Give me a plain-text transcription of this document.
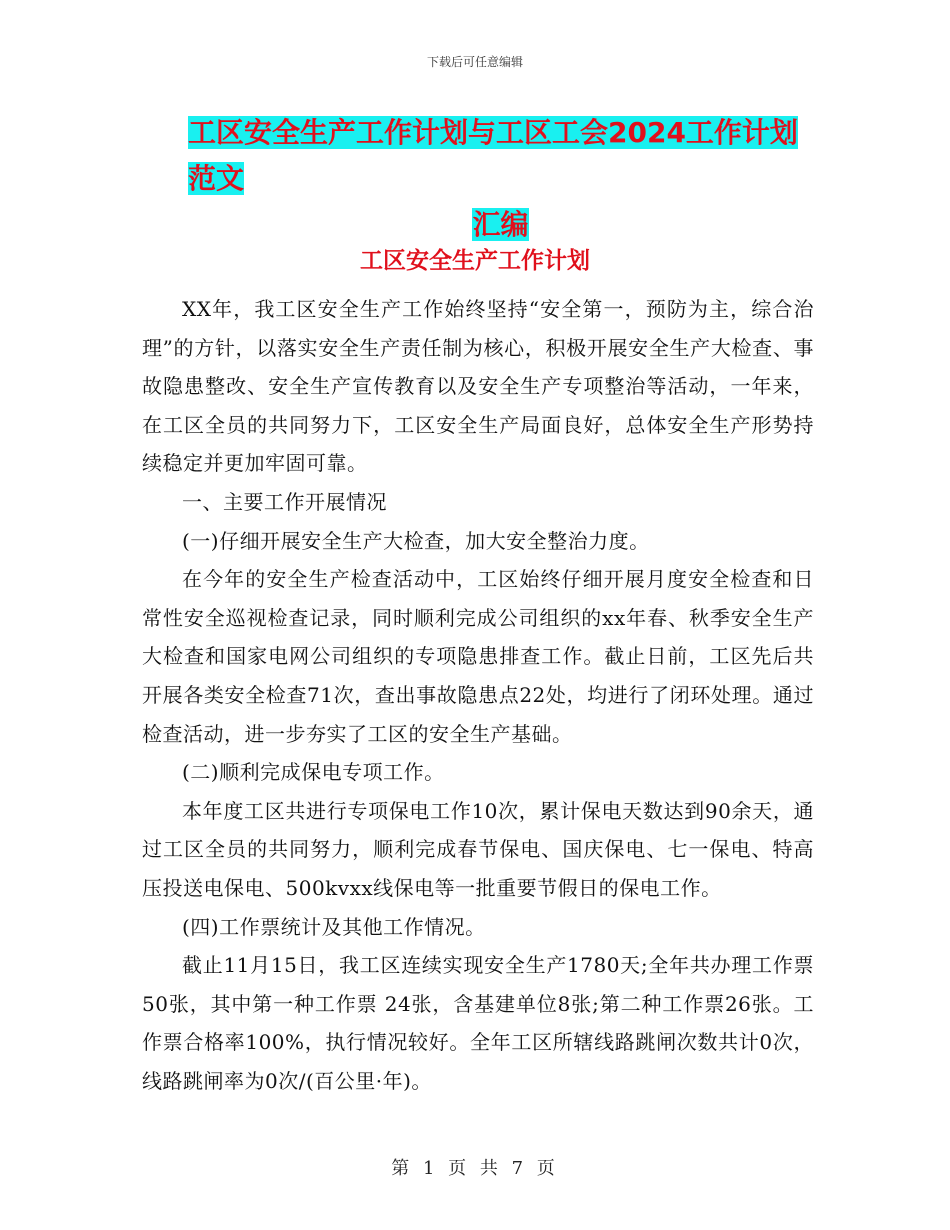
下载后可任意编辑
工区安全生产工作计划与工区工会2024工作计划范文
汇编
工区安全生产工作计划

XX年，我工区安全生产工作始终坚持“安全第一，预防为主，综合治理”的方针，以落实安全生产责任制为核心，积极开展安全生产大检查、事故隐患整改、安全生产宣传教育以及安全生产专项整治等活动，一年来，在工区全员的共同努力下，工区安全生产局面良好，总体安全生产形势持续稳定并更加牢固可靠。

一、主要工作开展情况

(一)仔细开展安全生产大检查，加大安全整治力度。

在今年的安全生产检查活动中，工区始终仔细开展月度安全检查和日常性安全巡视检查记录，同时顺利完成公司组织的xx年春、秋季安全生产大检查和国家电网公司组织的专项隐患排查工作。截止日前，工区先后共开展各类安全检查71次，查出事故隐患点22处，均进行了闭环处理。通过检查活动，进一步夯实了工区的安全生产基础。

(二)顺利完成保电专项工作。

本年度工区共进行专项保电工作10次，累计保电天数达到90余天，通过工区全员的共同努力，顺利完成春节保电、国庆保电、七一保电、特高压投送电保电、500kvxx线保电等一批重要节假日的保电工作。

(四)工作票统计及其他工作情况。

截止11月15日，我工区连续实现安全生产1780天;全年共办理工作票50张，其中第一种工作票 24张，含基建单位8张;第二种工作票26张。工作票合格率100%，执行情况较好。全年工区所辖线路跳闸次数共计0次，线路跳闸率为0次/(百公里·年)。

第 1 页 共 7 页
